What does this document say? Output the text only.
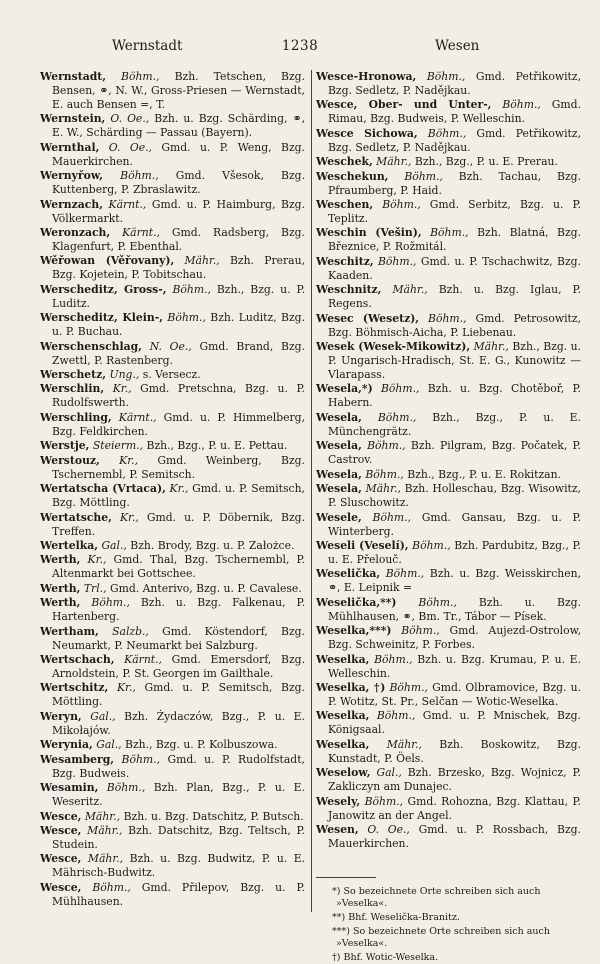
Wernstadt	1238	Wesen

Wernstadt, Böhm., Bzh. Tetschen, Bzg. Bensen, ⚭, N. W., Gross-Priesen — Wernstadt, E. auch Bensen =, T.

Wernstein, O. Oe., Bzh. u. Bzg. Schärding, ⚭, E. W., Schärding — Passau (Bayern).

Wernthal, O. Oe., Gmd. u. P. Weng, Bzg. Mauerkirchen.

Wernyřow, Böhm., Gmd. Všesok, Bzg. Kuttenberg, P. Zbraslawitz.

Wernzach, Kärnt., Gmd. u. P. Haimburg, Bzg. Völkermarkt.

Weronzach, Kärnt., Gmd. Radsberg, Bzg. Klagenfurt, P. Ebenthal.

Wěřowan (Věřovany), Mähr., Bzh. Prerau, Bzg. Kojetein, P. Tobitschau.

Werscheditz, Gross-, Böhm., Bzh., Bzg. u. P. Luditz.

Werscheditz, Klein-, Böhm., Bzh. Luditz, Bzg. u. P. Buchau.

Werschenschlag, N. Oe., Gmd. Brand, Bzg. Zwettl, P. Rastenberg.

Werschetz, Ung., s. Versecz.

Werschlin, Kr., Gmd. Pretschna, Bzg. u. P. Rudolfswerth.

Werschling, Kärnt., Gmd. u. P. Himmelberg, Bzg. Feldkirchen.

Werstje, Steierm., Bzh., Bzg., P. u. E. Pettau.

Werstouz, Kr., Gmd. Weinberg, Bzg. Tschernembl, P. Semitsch.

Wertatscha (Vrtaca), Kr., Gmd. u. P. Semitsch, Bzg. Möttling.

Wertatsche, Kr., Gmd. u. P. Döbernik, Bzg. Treffen.

Wertelka, Gal., Bzh. Brody, Bzg. u. P. Założce.

Werth, Kr., Gmd. Thal, Bzg. Tschernembl, P. Altenmarkt bei Gottschee.

Werth, Trl., Gmd. Anterivo, Bzg. u. P. Cavalese.

Werth, Böhm., Bzh. u. Bzg. Falkenau, P. Hartenberg.

Wertham, Salzb., Gmd. Köstendorf, Bzg. Neumarkt, P. Neumarkt bei Salzburg.

Wertschach, Kärnt., Gmd. Emersdorf, Bzg. Arnoldstein, P. St. Georgen im Gailthale.

Wertschitz, Kr., Gmd. u. P. Semitsch, Bzg. Möttling.

Weryn, Gal., Bzh. Żydaczów, Bzg., P. u. E. Mikołajów.

Werynia, Gal., Bzh., Bzg. u. P. Kolbuszowa.

Wesamberg, Böhm., Gmd. u. P. Rudolfstadt, Bzg. Budweis.

Wesamin, Böhm., Bzh. Plan, Bzg., P. u. E. Weseritz.

Wesce, Mähr., Bzh. u. Bzg. Datschitz, P. Butsch.

Wesce, Mähr., Bzh. Datschitz, Bzg. Teltsch, P. Studein.

Wesce, Mähr., Bzh. u. Bzg. Budwitz, P. u. E. Mährisch-Budwitz.

Wesce, Böhm., Gmd. Přilepov, Bzg. u. P. Mühlhausen.

Wesce-Hronowa, Böhm., Gmd. Petřikowitz, Bzg. Sedletz, P. Nadějkau.

Wesce, Ober- und Unter-, Böhm., Gmd. Rimau, Bzg. Budweis, P. Welleschin.

Wesce Sichowa, Böhm., Gmd. Petřikowitz, Bzg. Sedletz, P. Nadějkau.

Weschek, Mähr., Bzh., Bzg., P. u. E. Prerau.

Weschekun, Böhm., Bzh. Tachau, Bzg. Pfraumberg, P. Haid.

Weschen, Böhm., Gmd. Serbitz, Bzg. u. P. Teplitz.

Weschin (Vešin), Böhm., Bzh. Blatná, Bzg. Březnice, P. Rožmitál.

Weschitz, Böhm., Gmd. u. P. Tschachwitz, Bzg. Kaaden.

Weschnitz, Mähr., Bzh. u. Bzg. Iglau, P. Regens.

Wesec (Wesetz), Böhm., Gmd. Petrosowitz, Bzg. Böhmisch-Aicha, P. Liebenau.

Wesek (Wesek-Mikowitz), Mähr., Bzh., Bzg. u. P. Ungarisch-Hradisch, St. E. G., Kunowitz — Vlarapass.

Wesela,*) Böhm., Bzh. u. Bzg. Chotěboř, P. Habern.

Wesela, Böhm., Bzh., Bzg., P. u. E. Münchengrätz.

Wesela, Böhm., Bzh. Pilgram, Bzg. Počatek, P. Castrov.

Wesela, Böhm., Bzh., Bzg., P. u. E. Rokitzan.

Wesela, Mähr., Bzh. Holleschau, Bzg. Wisowitz, P. Sluschowitz.

Wesele, Böhm., Gmd. Gansau, Bzg. u. P. Winterberg.

Weseli (Veselí), Böhm., Bzh. Pardubitz, Bzg., P. u. E. Přelouč.

Weselička, Böhm., Bzh. u. Bzg. Weisskirchen, ⚭, E. Leipnik =

Weselička,**) Böhm., Bzh. u. Bzg. Mühlhausen, ⚭, Bm. Tr., Tábor — Písek.

Weselka,***) Böhm., Gmd. Aujezd-Ostrolow, Bzg. Schweinitz, P. Forbes.

Weselka, Böhm., Bzh. u. Bzg. Krumau, P. u. E. Welleschin.

Weselka, †) Böhm., Gmd. Olbramovice, Bzg. u. P. Wotitz, St. Pr., Selčan — Wotic-Weselka.

Weselka, Böhm., Gmd. u. P. Mnischek, Bzg. Königsaal.

Weselka, Mähr., Bzh. Boskowitz, Bzg. Kunstadt, P. Öels.

Weselow, Gal., Bzh. Brzesko, Bzg. Wojnicz, P. Zakliczyn am Dunajec.

Wesely, Böhm., Gmd. Rohozna, Bzg. Klattau, P. Janowitz an der Angel.

Wesen, O. Oe., Gmd. u. P. Rossbach, Bzg. Mauerkirchen.

*) So bezeichnete Orte schreiben sich auch »Veselka«.

**) Bhf. Weselička-Branitz.

***) So bezeichnete Orte schreiben sich auch »Veselka«.

†) Bhf. Wotic-Weselka.
